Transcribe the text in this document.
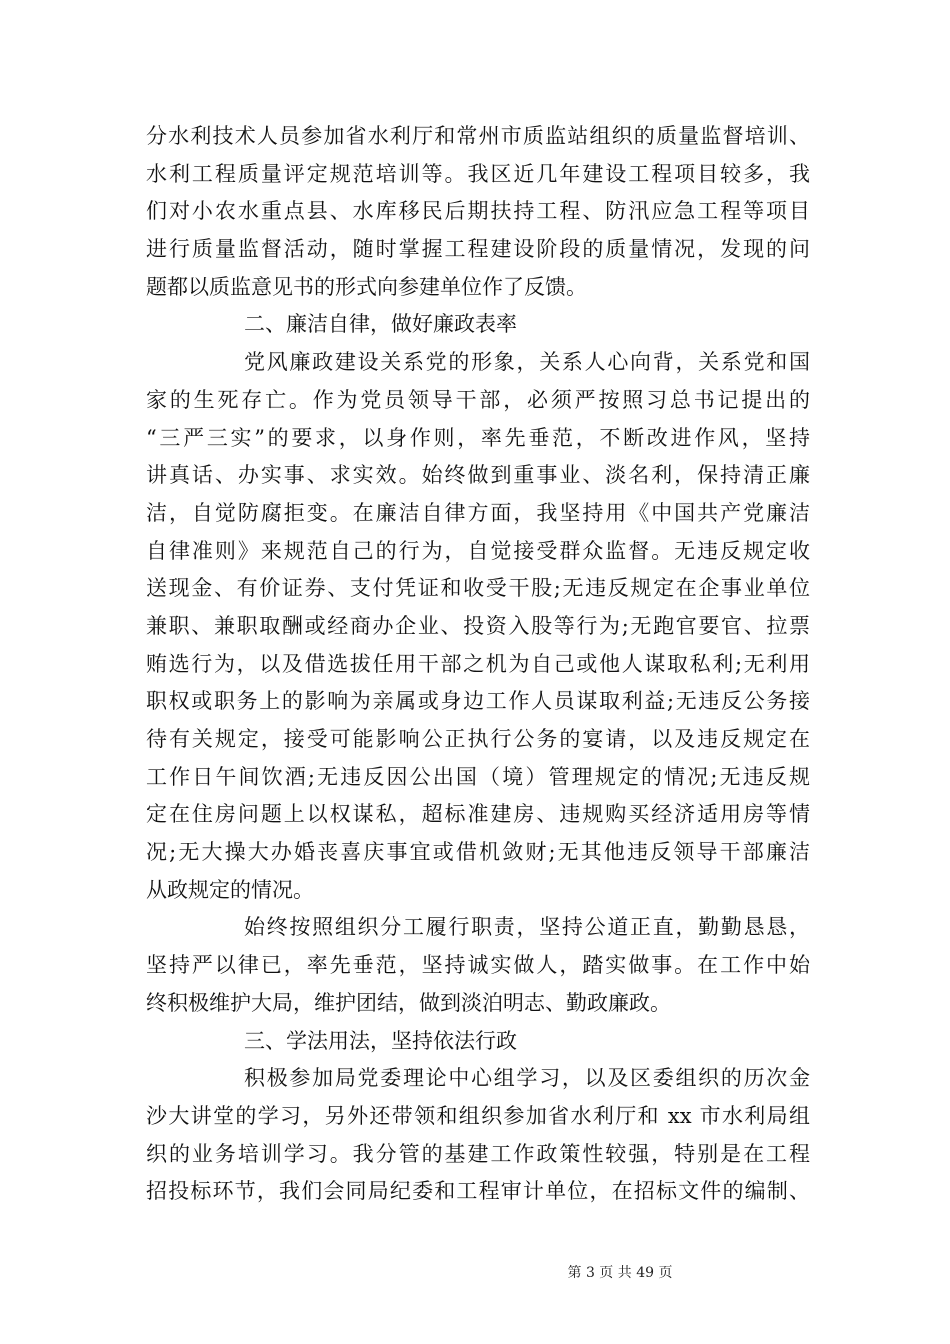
分水利技术人员参加省水利厅和常州市质监站组织的质量监督培训、
水利工程质量评定规范培训等。我区近几年建设工程项目较多，我
们对小农水重点县、水库移民后期扶持工程、防汛应急工程等项目
进行质量监督活动，随时掌握工程建设阶段的质量情况，发现的问
题都以质监意见书的形式向参建单位作了反馈。
二、廉洁自律，做好廉政表率
党风廉政建设关系党的形象，关系人心向背，关系党和国
家的生死存亡。作为党员领导干部，必须严按照习总书记提出的
“三严三实”的要求，以身作则，率先垂范，不断改进作风，坚持
讲真话、办实事、求实效。始终做到重事业、淡名利，保持清正廉
洁，自觉防腐拒变。在廉洁自律方面，我坚持用《中国共产党廉洁
自律准则》来规范自己的行为，自觉接受群众监督。无违反规定收
送现金、有价证券、支付凭证和收受干股;无违反规定在企事业单位
兼职、兼职取酬或经商办企业、投资入股等行为;无跑官要官、拉票
贿选行为，以及借选拔任用干部之机为自己或他人谋取私利;无利用
职权或职务上的影响为亲属或身边工作人员谋取利益;无违反公务接
待有关规定，接受可能影响公正执行公务的宴请，以及违反规定在
工作日午间饮酒;无违反因公出国（境）管理规定的情况;无违反规
定在住房问题上以权谋私，超标准建房、违规购买经济适用房等情
况;无大操大办婚丧喜庆事宜或借机敛财;无其他违反领导干部廉洁
从政规定的情况。
始终按照组织分工履行职责，坚持公道正直，勤勤恳恳，
坚持严以律已，率先垂范，坚持诚实做人，踏实做事。在工作中始
终积极维护大局，维护团结，做到淡泊明志、勤政廉政。
三、学法用法，坚持依法行政
积极参加局党委理论中心组学习，以及区委组织的历次金
沙大讲堂的学习，另外还带领和组织参加省水利厅和 xx 市水利局组
织的业务培训学习。我分管的基建工作政策性较强，特别是在工程
招投标环节，我们会同局纪委和工程审计单位，在招标文件的编制、
第 3 页 共 49 页
